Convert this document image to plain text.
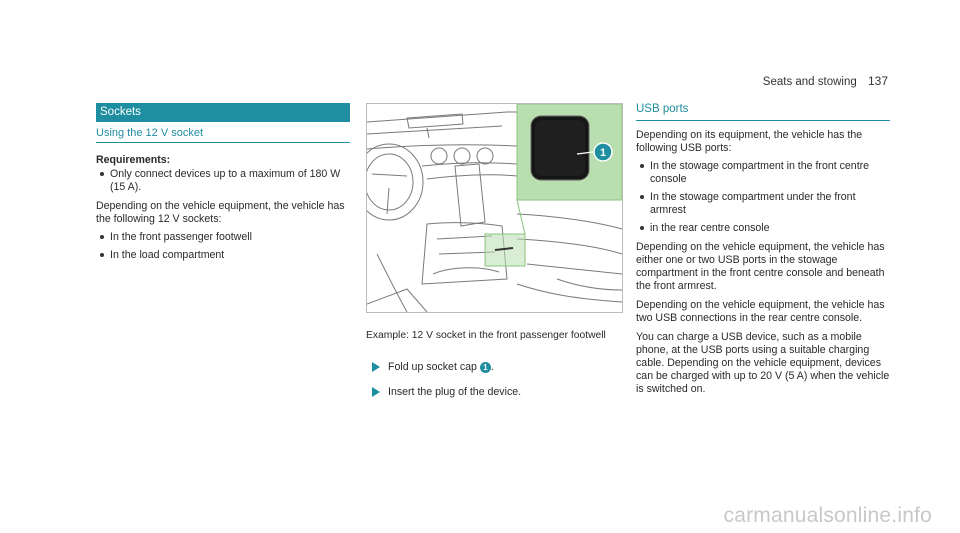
Seats and stowing 137
Sockets
Using the 12 V socket
Requirements:
Only connect devices up to a maximum of 180 W (15 A).

Depending on the vehicle equipment, the vehicle has the following 12 V sockets:

In the front passenger footwell
In the load compartment
1
Example: 12 V socket in the front passenger footwell
Fold up socket cap 1 .
Insert the plug of the device.
USB ports

Depending on its equipment, the vehicle has the following USB ports:

In the stowage compartment in the front centre console
In the stowage compartment under the front armrest
in the rear centre console

Depending on the vehicle equipment, the vehicle has either one or two USB ports in the stowage compartment in the front centre console and beneath the front armrest.

Depending on the vehicle equipment, the vehicle has two USB connections in the rear centre console.

You can charge a USB device, such as a mobile phone, at the USB ports using a suitable charging cable. Depending on the vehicle equipment, devices can be charged with up to 20 V (5 A) when the vehicle is switched on.

carmanualsonline.info
